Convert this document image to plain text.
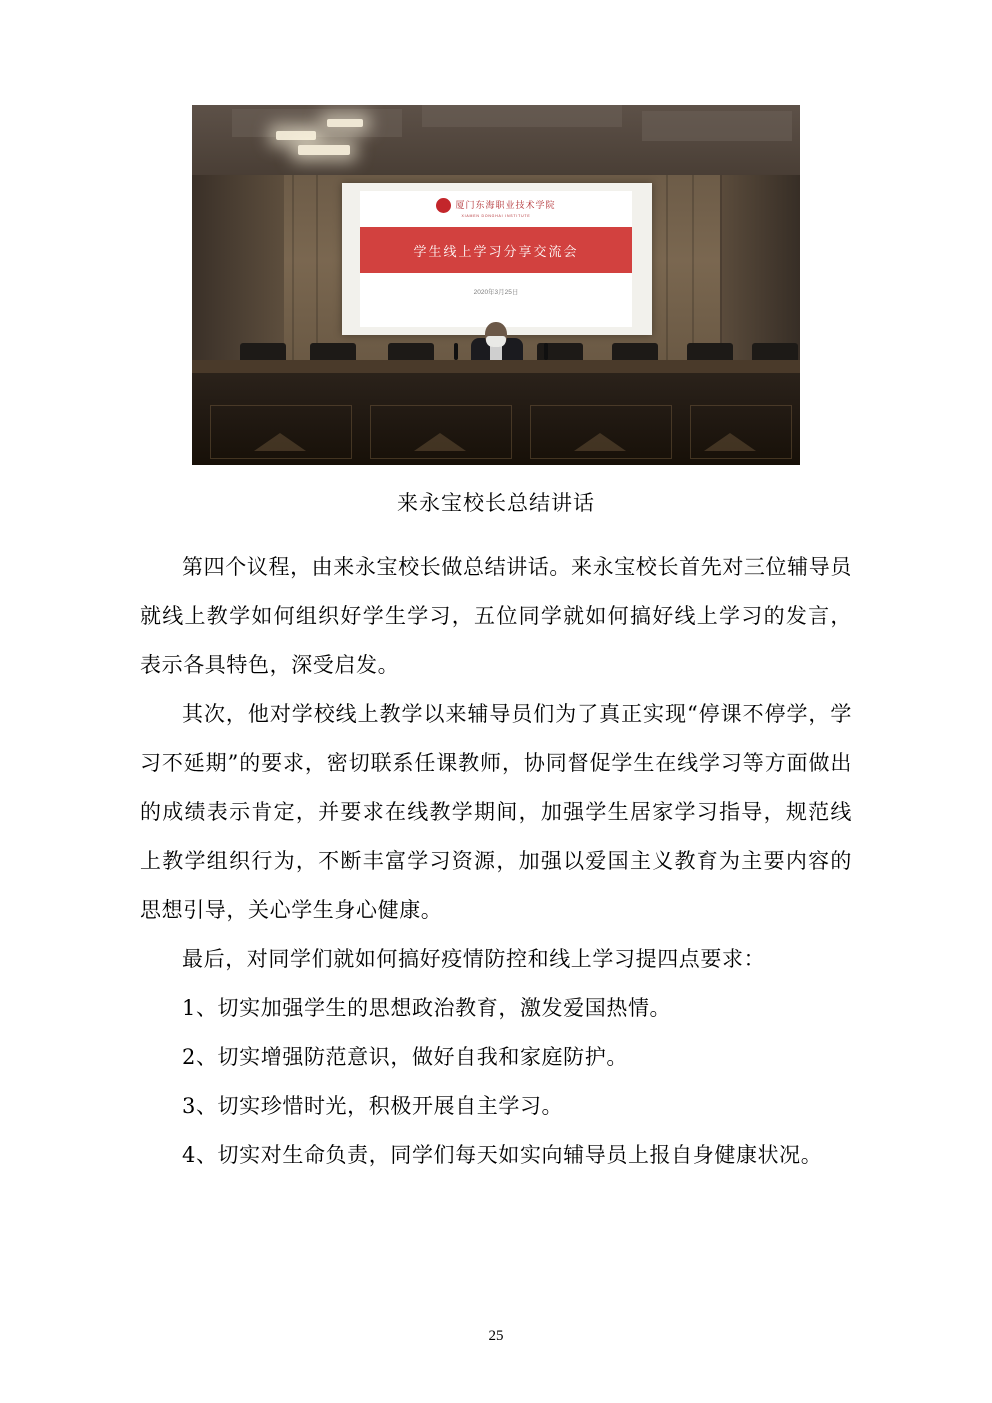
厦门东海职业技术学院
XIAMEN DONGHAI INSTITUTE
学生线上学习分享交流会
2020年3月25日
来永宝校长总结讲话

第四个议程，由来永宝校长做总结讲话。来永宝校长首先对三位辅导员就线上教学如何组织好学生学习，五位同学就如何搞好线上学习的发言，表示各具特色，深受启发。

其次，他对学校线上教学以来辅导员们为了真正实现“停课不停学，学习不延期”的要求，密切联系任课教师，协同督促学生在线学习等方面做出的成绩表示肯定，并要求在线教学期间，加强学生居家学习指导，规范线上教学组织行为，不断丰富学习资源，加强以爱国主义教育为主要内容的思想引导，关心学生身心健康。

最后，对同学们就如何搞好疫情防控和线上学习提四点要求：

1、切实加强学生的思想政治教育，激发爱国热情。

2、切实增强防范意识，做好自我和家庭防护。

3、切实珍惜时光，积极开展自主学习。

4、切实对生命负责，同学们每天如实向辅导员上报自身健康状况。

25
